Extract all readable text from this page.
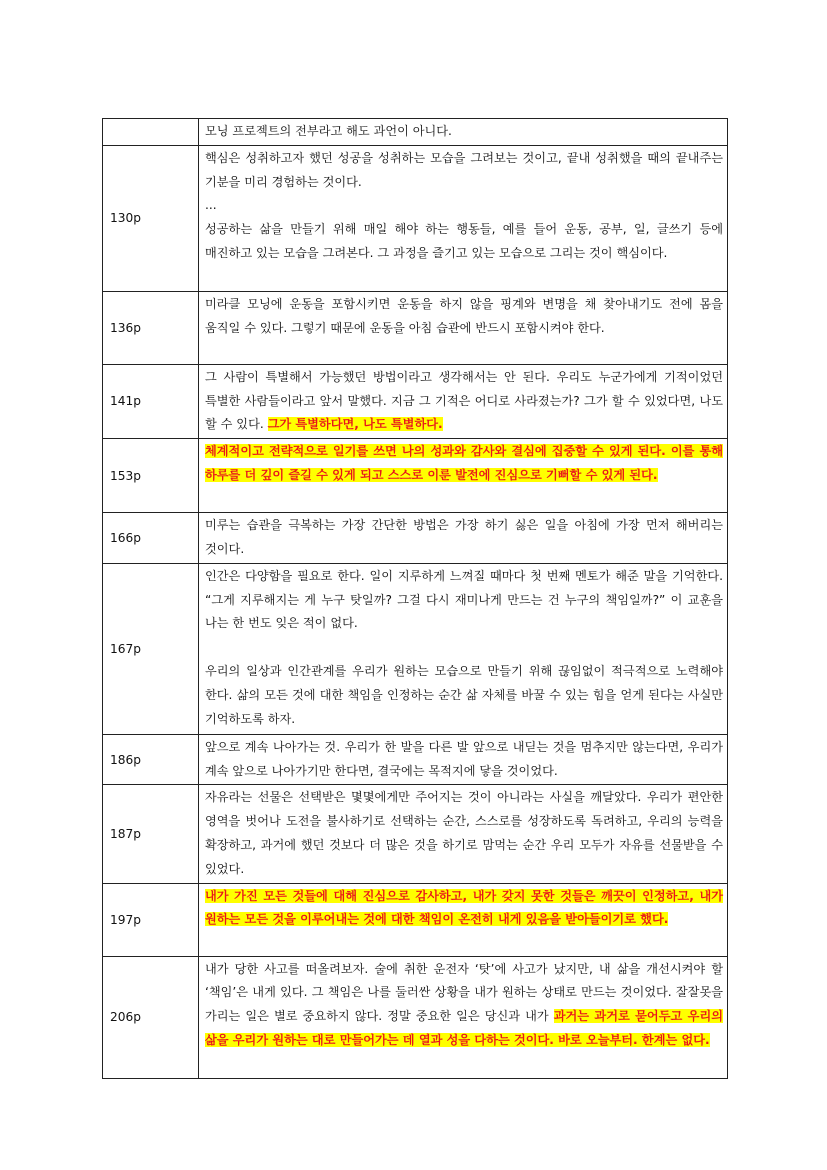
	모닝 프로젝트의 전부라고 해도 과언이 아니다.

130p	핵심은 성취하고자 했던 성공을 성취하는 모습을 그려보는 것이고, 끝내 성취했을 때의 끝내주는 기분을 미리 경험하는 것이다.
...
성공하는 삶을 만들기 위해 매일 해야 하는 행동들, 예를 들어 운동, 공부, 일, 글쓰기 등에 매진하고 있는 모습을 그려본다. 그 과정을 즐기고 있는 모습으로 그리는 것이 핵심이다.

136p	미라클 모닝에 운동을 포함시키면 운동을 하지 않을 핑계와 변명을 채 찾아내기도 전에 몸을 움직일 수 있다. 그렇기 때문에 운동을 아침 습관에 반드시 포함시켜야 한다.

141p	그 사람이 특별해서 가능했던 방법이라고 생각해서는 안 된다. 우리도 누군가에게 기적이었던 특별한 사람들이라고 앞서 말했다. 지금 그 기적은 어디로 사라졌는가? 그가 할 수 있었다면, 나도 할 수 있다. 그가 특별하다면, 나도 특별하다.

153p	체계적이고 전략적으로 일기를 쓰면 나의 성과와 감사와 결심에 집중할 수 있게 된다. 이를 통해 하루를 더 깊이 즐길 수 있게 되고 스스로 이룬 발전에 진심으로 기뻐할 수 있게 된다.

166p	미루는 습관을 극복하는 가장 간단한 방법은 가장 하기 싫은 일을 아침에 가장 먼저 해버리는 것이다.

167p	인간은 다양함을 필요로 한다. 일이 지루하게 느껴질 때마다 첫 번째 멘토가 해준 말을 기억한다. “그게 지루해지는 게 누구 탓일까? 그걸 다시 재미나게 만드는 건 누구의 책임일까?” 이 교훈을 나는 한 번도 잊은 적이 없다.
우리의 일상과 인간관계를 우리가 원하는 모습으로 만들기 위해 끊임없이 적극적으로 노력해야 한다. 삶의 모든 것에 대한 책임을 인정하는 순간 삶 자체를 바꿀 수 있는 힘을 얻게 된다는 사실만 기억하도록 하자.

186p	앞으로 계속 나아가는 것. 우리가 한 발을 다른 발 앞으로 내딛는 것을 멈추지만 않는다면, 우리가 계속 앞으로 나아가기만 한다면, 결국에는 목적지에 닿을 것이었다.

187p	자유라는 선물은 선택받은 몇몇에게만 주어지는 것이 아니라는 사실을 깨달았다. 우리가 편안한 영역을 벗어나 도전을 불사하기로 선택하는 순간, 스스로를 성장하도록 독려하고, 우리의 능력을 확장하고, 과거에 했던 것보다 더 많은 것을 하기로 맘먹는 순간 우리 모두가 자유를 선물받을 수 있었다.

197p	내가 가진 모든 것들에 대해 진심으로 감사하고, 내가 갖지 못한 것들은 깨끗이 인정하고, 내가 원하는 모든 것을 이루어내는 것에 대한 책임이 온전히 내게 있음을 받아들이기로 했다.

206p	내가 당한 사고를 떠올려보자. 술에 취한 운전자 ‘탓’에 사고가 났지만, 내 삶을 개선시켜야 할 ‘책임’은 내게 있다. 그 책임은 나를 둘러싼 상황을 내가 원하는 상태로 만드는 것이었다. 잘잘못을 가리는 일은 별로 중요하지 않다. 정말 중요한 일은 당신과 내가 과거는 과거로 묻어두고 우리의 삶을 우리가 원하는 대로 만들어가는 데 열과 성을 다하는 것이다. 바로 오늘부터. 한계는 없다.
